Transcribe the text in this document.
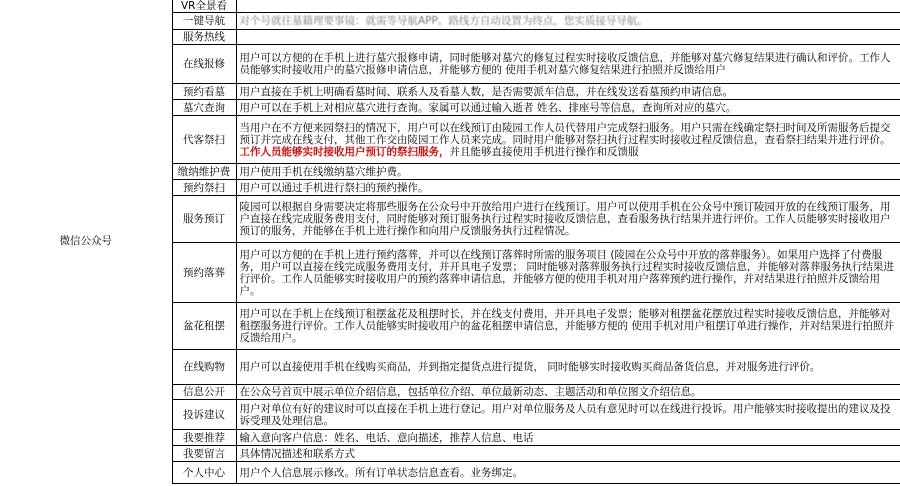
微信公众号	VR全景看	
	一键导航	对个号就往墓籍理要事镜：就需等导航APP。路线方自动设置为终点，您实质接导导航。
	服务热线	
	在线报修	用户可以方便的在手机上进行墓穴报修申请，同时能够对墓穴的修复过程实时接收反馈信息，并能够对墓穴修复结果进行确认和评价。工作人员能够实时接收用户的墓穴报修申请信息，并能够方便的 使用手机对墓穴修复结果进行拍照并反馈给用户
	预约看墓	用户直接在手机上明确看墓时间、联系人及看墓人数，是否需要派车信息，并在线发送看墓预约申请信息。
	墓穴查询	用户可以在手机上对相应墓穴进行查询。家属可以通过输入逝者 姓名、排座号等信息，查询所对应的墓穴。
	代客祭扫	当用户在不方便来园祭扫的情况下，用户可以在线预订由陵园工作人员代替用户完成祭扫服务。用户只需在线确定祭扫时间及所需服务后提交预订并完成在线支付，其他工作交由陵园工作人员来完成。同时用户能够对祭扫执行过程实时接收过程反馈信息，查看祭扫结果并进行评价。工作人员能够实时接收用户预订的祭扫服务，并且能够直接使用手机进行操作和反馈服
	缴纳维护费	用户使用手机在线缴纳墓穴维护费。
	预约祭扫	用户可以通过手机进行祭扫的预约操作。
	服务预订	陵园可以根据自身需要决定将那些服务在公众号中开放给用户进行在线预订。用户可以使用手机在公众号中预订陵园开放的在线预订服务，用户直接在线完成服务费用支付，同时能够对预订服务执行过程实时接收反馈信息，查看服务执行结果并进行评价。工作人员能够实时接收用户预订的服务，并能够在手机上进行操作和向用户反馈服务执行过程情况。
	预约落葬	用户可以方便的在手机上进行预约落葬，并可以在线预订落葬时所需的服务项目 (陵园在公众号中开放的落葬服务）。如果用户选择了付费服务，用户可以直接在线完成服务费用支付，并开具电子发票； 同时能够对落葬服务执行过程实时接收反馈信息，并能够对落葬服务执行结果进行评价。工作人员能够实时接收用户的预约落葬申请信息，并能够方便的使用手机对用户落葬预约进行操作，并对结果进行拍照并反馈给用户。
	盆花租摆	用户可以在手机上在线预订租摆盆花及租摆时长，并在线支付费用，并开具电子发票；能够对租摆盆花摆放过程实时接收反馈信息，并能够对租摆服务进行评价。工作人员能够实时接收用户的盆花租摆申请信息，并能够方便的 使用手机对用户租摆订单进行操作，并对结果进行拍照并反馈给用户。
	在线购物	用户可以直接使用手机在线购买商品，并到指定提货点进行提货， 同时能够实时接收购买商品备货信息，并对服务进行评价。
	信息公开	在公众号首页中展示单位介绍信息，包括单位介绍、单位最新动态、主题活动和单位图文介绍信息。
	投诉建议	用户对单位有好的建议时可以直接在手机上进行登记。用户对单位服务及人员有意见时可以在线进行投诉。用户能够实时接收提出的建议及投诉受理及处理信息。
	我要推荐	输入意向客户信息：姓名、电话、意向描述，推荐人信息、电话
	我要留言	具体情况描述和联系方式
	个人中心	用户个人信息展示修改。所有订单状态信息查看。业务绑定。
